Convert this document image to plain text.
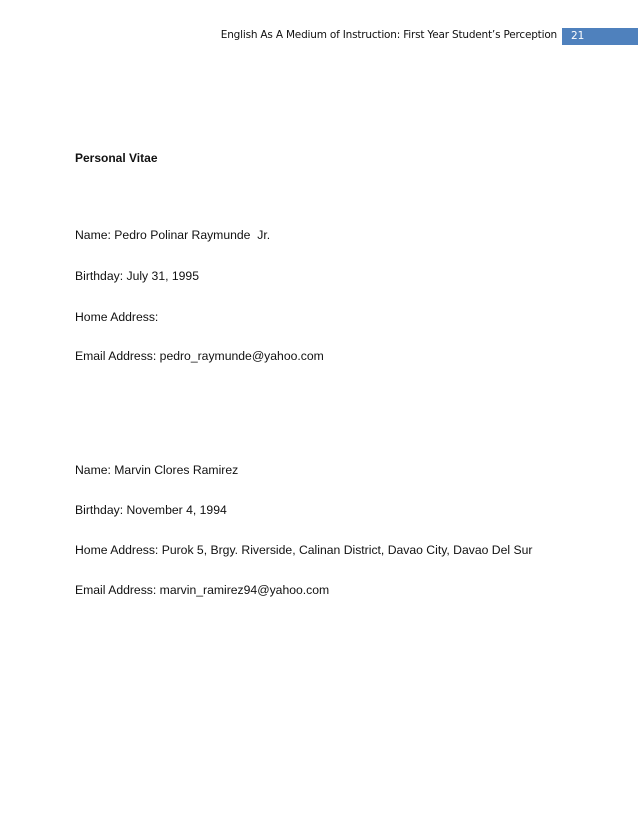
English As A Medium of Instruction: First Year Student’s Perception	21
Personal Vitae
Name: Pedro Polinar Raymunde  Jr.
Birthday: July 31, 1995
Home Address:
Email Address: pedro_raymunde@yahoo.com
Name: Marvin Clores Ramirez
Birthday: November 4, 1994
Home Address: Purok 5, Brgy. Riverside, Calinan District, Davao City, Davao Del Sur
Email Address: marvin_ramirez94@yahoo.com
